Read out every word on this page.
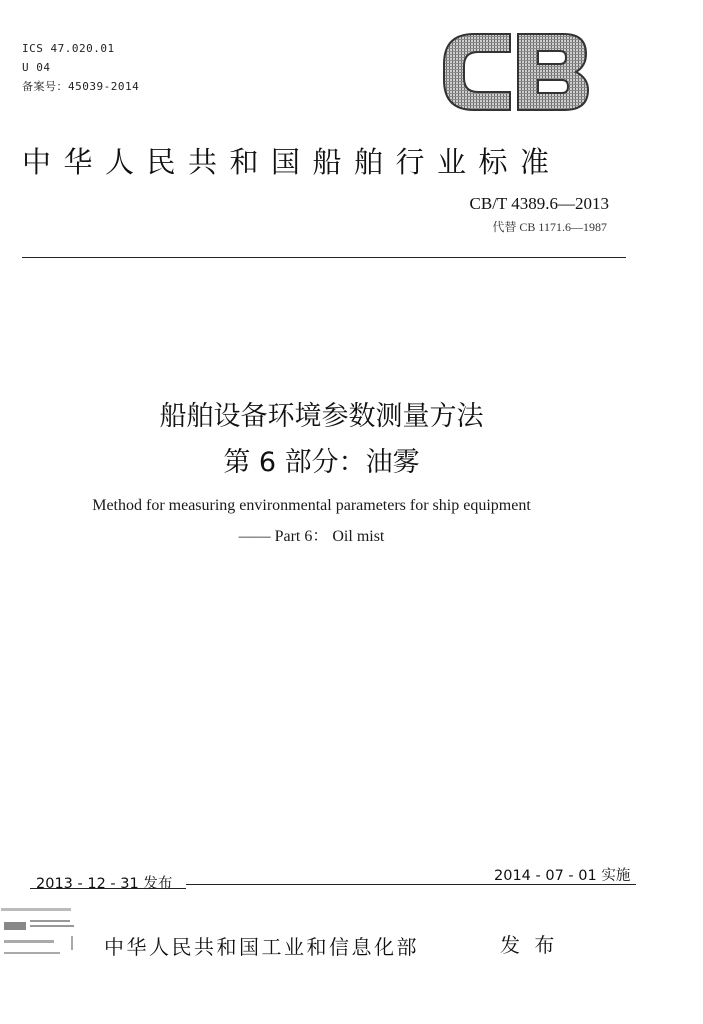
ICS 47.020.01
U 04
备案号：45039-2014
中华人民共和国船舶行业标准
CB/T 4389.6—2013
代替 CB 1171.6—1987
船舶设备环境参数测量方法
第 6 部分：油雾
Method for measuring environmental parameters for ship equipment
—— Part 6： Oil mist
2013 - 12 - 31 发布	2014 - 07 - 01 实施
中华人民共和国工业和信息化部	发 布
